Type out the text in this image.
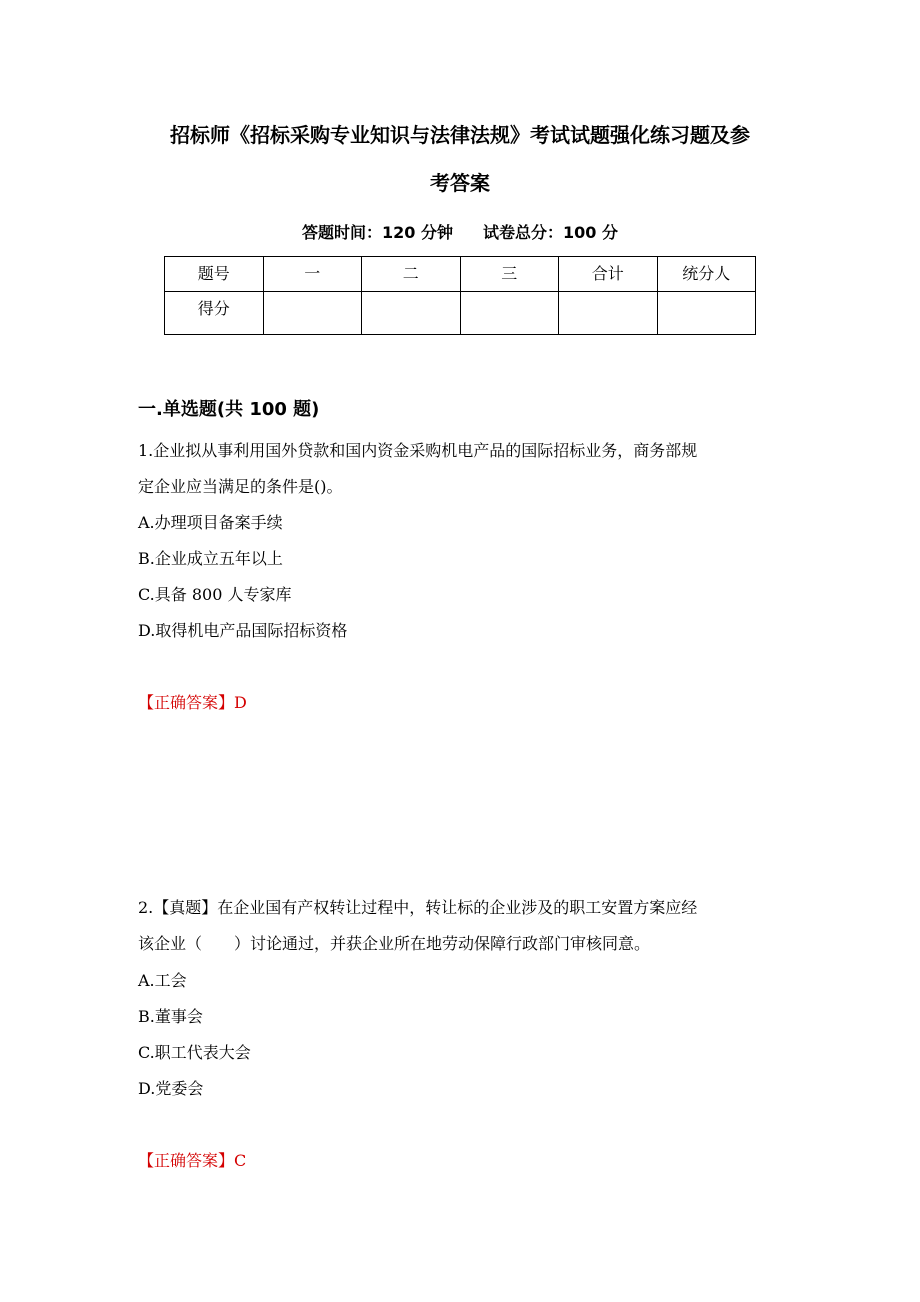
招标师《招标采购专业知识与法律法规》考试试题强化练习题及参
考答案
答题时间：120 分钟 试卷总分：100 分
题号	一	二	三	合计	统分人
得分					
一.单选题(共 100 题)
1.企业拟从事利用国外贷款和国内资金采购机电产品的国际招标业务，商务部规
定企业应当满足的条件是()。
A.办理项目备案手续
B.企业成立五年以上
C.具备 800 人专家库
D.取得机电产品国际招标资格
【正确答案】D
2.【真题】在企业国有产权转让过程中，转让标的企业涉及的职工安置方案应经
该企业（　　）讨论通过，并获企业所在地劳动保障行政部门审核同意。
A.工会
B.董事会
C.职工代表大会
D.党委会
【正确答案】C
